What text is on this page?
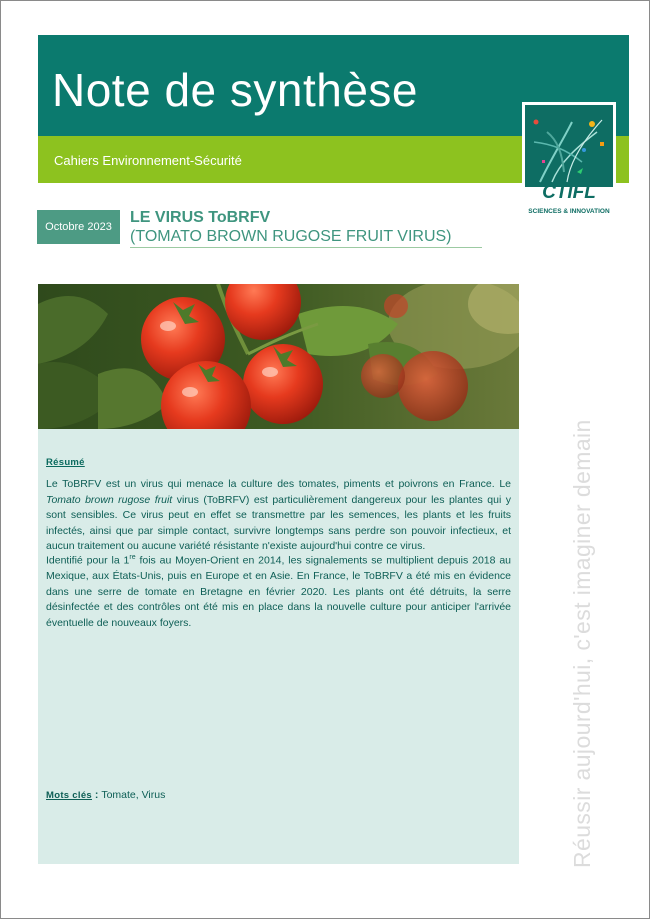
Note de synthèse
Cahiers Environnement-Sécurité
CTIFL
SCIENCES & INNOVATION
Octobre 2023
LE VIRUS ToBRFV
(TOMATO BROWN RUGOSE FRUIT VIRUS)
Résumé

Le ToBRFV est un virus qui menace la culture des tomates, piments et poivrons en France. Le Tomato brown rugose fruit virus (ToBRFV) est particulièrement dangereux pour les plantes qui y sont sensibles. Ce virus peut en effet se transmettre par les semences, les plants et les fruits infectés, ainsi que par simple contact, survivre longtemps sans perdre son pouvoir infectieux, et aucun traitement ou aucune variété résistante n'existe aujourd'hui contre ce virus.

Identifié pour la 1re fois au Moyen-Orient en 2014, les signalements se multiplient depuis 2018 au Mexique, aux États-Unis, puis en Europe et en Asie. En France, le ToBRFV a été mis en évidence dans une serre de tomate en Bretagne en février 2020. Les plants ont été détruits, la serre désinfectée et des contrôles ont été mis en place dans la nouvelle culture pour anticiper l'arrivée éventuelle de nouveaux foyers.

Mots clés : Tomate, Virus	Réussir aujourd'hui, c'est imaginer demain
